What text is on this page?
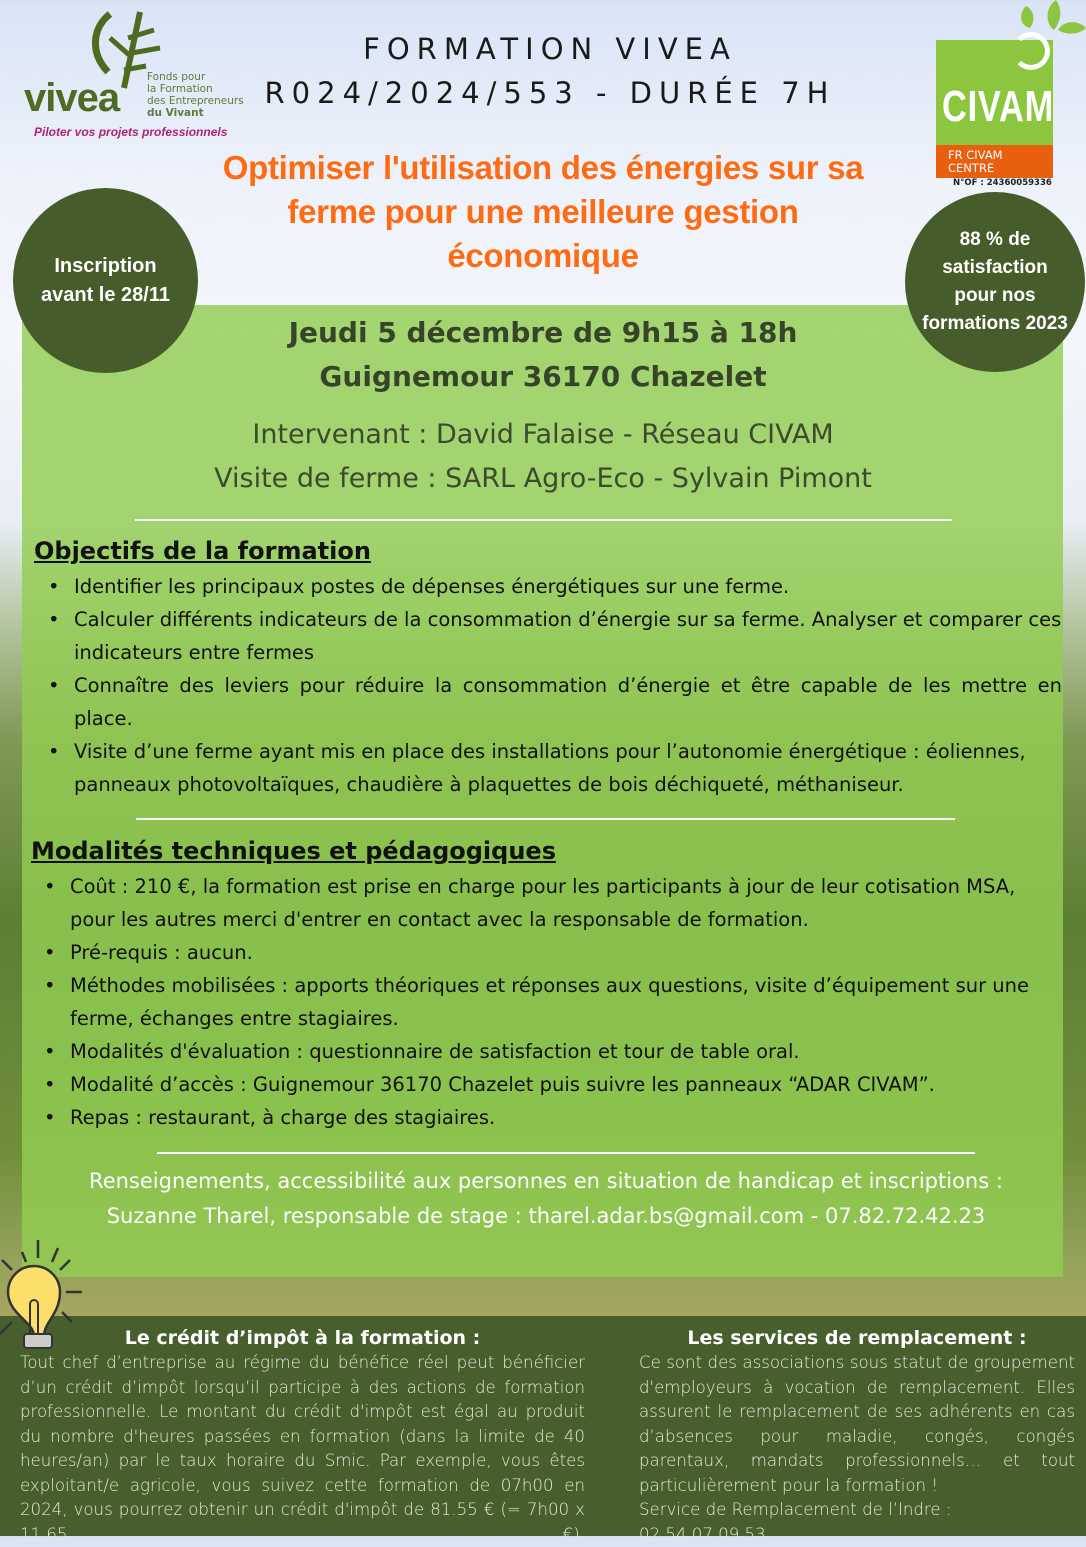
vivea	Fonds pour
la Formation
des Entrepreneurs
du Vivant
Piloter vos projets professionnels
CIVAM
FR CIVAM
CENTRE
N°OF : 24360059336
FORMATION VIVEA
R024/2024/553 - DURÉE 7H
Optimiser l'utilisation des énergies sur sa
ferme pour une meilleure gestion
économique
Inscription
avant le 28/11
88 % de
satisfaction
pour nos
formations 2023
Jeudi 5 décembre de 9h15 à 18h
Guignemour 36170 Chazelet
Intervenant : David Falaise - Réseau CIVAM
Visite de ferme : SARL Agro-Eco - Sylvain Pimont
Objectifs de la formation
• Identifier les principaux postes de dépenses énergétiques sur une ferme.
• Calculer différents indicateurs de la consommation d’énergie sur sa ferme. Analyser et comparer ces indicateurs entre fermes
• Connaître des leviers pour réduire la consommation d’énergie et être capable de les mettre en place.
• Visite d’une ferme ayant mis en place des installations pour l’autonomie énergétique : éoliennes, panneaux photovoltaïques, chaudière à plaquettes de bois déchiqueté, méthaniseur.
Modalités techniques et pédagogiques
• Coût : 210 €, la formation est prise en charge pour les participants à jour de leur cotisation MSA, pour les autres merci d'entrer en contact avec la responsable de formation.
• Pré-requis : aucun.
• Méthodes mobilisées : apports théoriques et réponses aux questions, visite d’équipement sur une ferme, échanges entre stagiaires.
• Modalités d'évaluation : questionnaire de satisfaction et tour de table oral.
• Modalité d’accès : Guignemour 36170 Chazelet puis suivre les panneaux “ADAR CIVAM”.
• Repas : restaurant, à charge des stagiaires.
Renseignements, accessibilité aux personnes en situation de handicap et inscriptions :
Suzanne Tharel, responsable de stage : tharel.adar.bs@gmail.com - 07.82.72.42.23
Le crédit d’impôt à la formation :
Tout chef d’entreprise au régime du bénéfice réel peut bénéficier d’un crédit d’impôt lorsqu’il participe à des actions de formation professionnelle. Le montant du crédit d'impôt est égal au produit du nombre d'heures passées en formation (dans la limite de 40 heures/an) par le taux horaire du Smic. Par exemple, vous êtes exploitant/e agricole, vous suivez cette formation de 07h00 en 2024, vous pourrez obtenir un crédit d'impôt de 81.55 € (= 7h00 x 11.65 €).
Les services de remplacement :
Ce sont des associations sous statut de groupement d'employeurs à vocation de remplacement. Elles assurent le remplacement de ses adhérents en cas d’absences pour maladie, congés, congés parentaux, mandats professionnels… et tout particulièrement pour la formation !
Service de Remplacement de l’Indre : 02.54.07.09.53.
